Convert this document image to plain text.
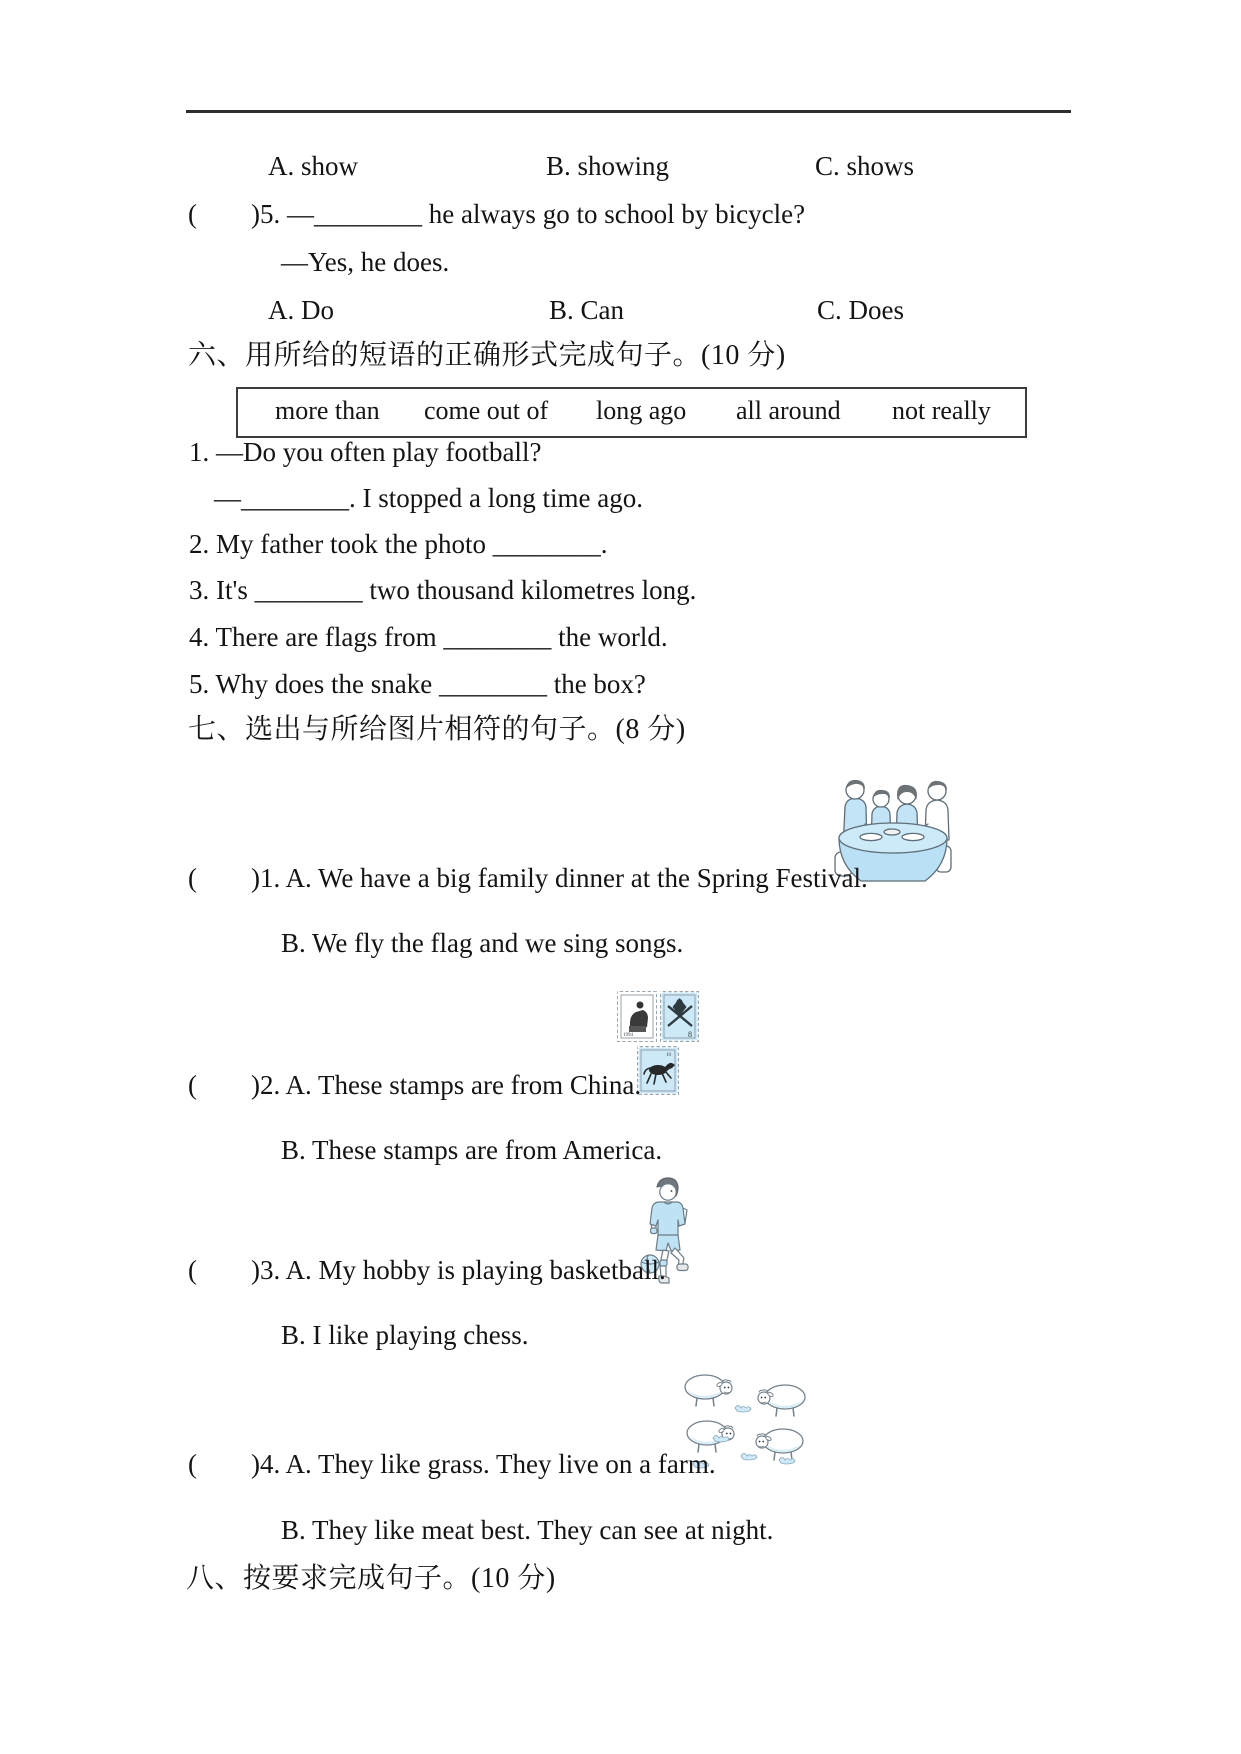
A. show	B. showing	C. shows
(        )5. —________ he always go to school by bicycle?
—Yes, he does.
A. Do	B. Can	C. Does
六、用所给的短语的正确形式完成句子。(10 分)
more than come out of long ago all around not really
1. —Do you often play football?
—________. I stopped a long time ago.
2. My father took the photo ________.
3. It's ________ two thousand kilometres long.
4. There are flags from ________ the world.
5. Why does the snake ________ the box?
七、选出与所给图片相符的句子。(8 分)
(        )1. A. We have a big family dinner at the Spring Festival.
B. We fly the flag and we sing songs.
1994	8
10
(        )2. A. These stamps are from China.
B. These stamps are from America.
(        )3. A. My hobby is playing basketball.
B. I like playing chess.
(        )4. A. They like grass. They live on a farm.
B. They like meat best. They can see at night.
八、按要求完成句子。(10 分)
